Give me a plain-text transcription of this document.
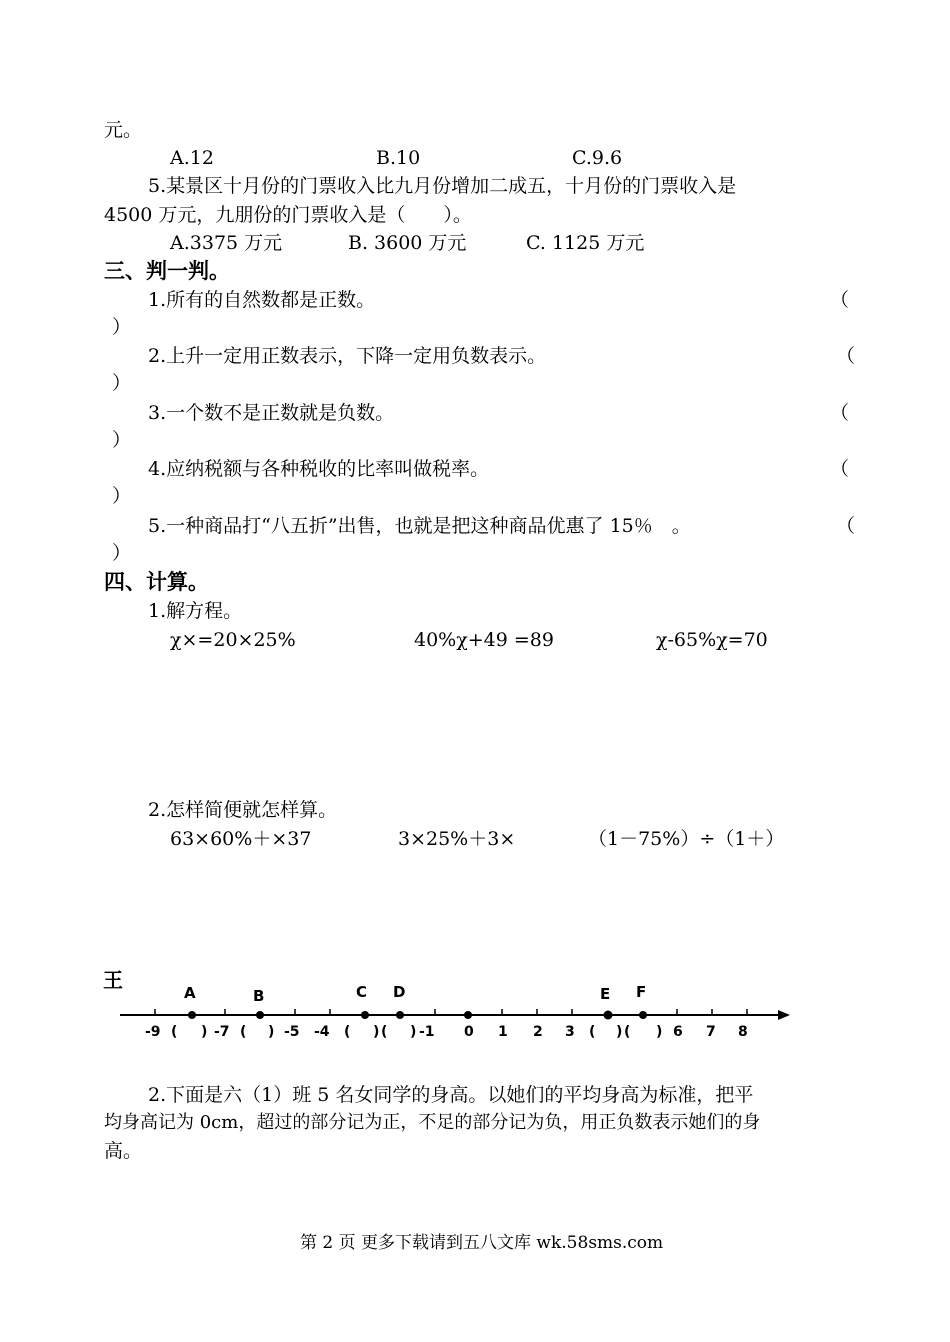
元。
A.12	B.10	C.9.6
5.某景区十月份的门票收入比九月份增加二成五，十月份的门票收入是
4500 万元，九朋份的门票收入是（　　）。
A.3375 万元	B. 3600 万元	C. 1125 万元
三、判一判。
1.所有的自然数都是正数。	（
）
2.上升一定用正数表示，下降一定用负数表示。	（
）
3.一个数不是正数就是负数。	（
）
4.应纳税额与各种税收的比率叫做税率。	（
）
5.一种商品打“八五折”出售，也就是把这种商品优惠了 15％　。	（
）
四、计算。
1.解方程。
χ×=20×25%	40%χ+49 =89	χ-65%χ=70
2.怎样简便就怎样算。
63×60%＋×37	3×25%＋3×	（1－75%）÷（1＋）
王
A	B	C D	E F
-9 ( ) -7 ( ) -5 -4 ( ) ( ) -1 0 1 2 3 ( ) ( ) 6 7 8
2.下面是六（1）班 5 名女同学的身高。以她们的平均身高为标准，把平
均身高记为 0cm，超过的部分记为正，不足的部分记为负，用正负数表示她们的身
高。
第 2 页 更多下载请到五八文库 wk.58sms.com
